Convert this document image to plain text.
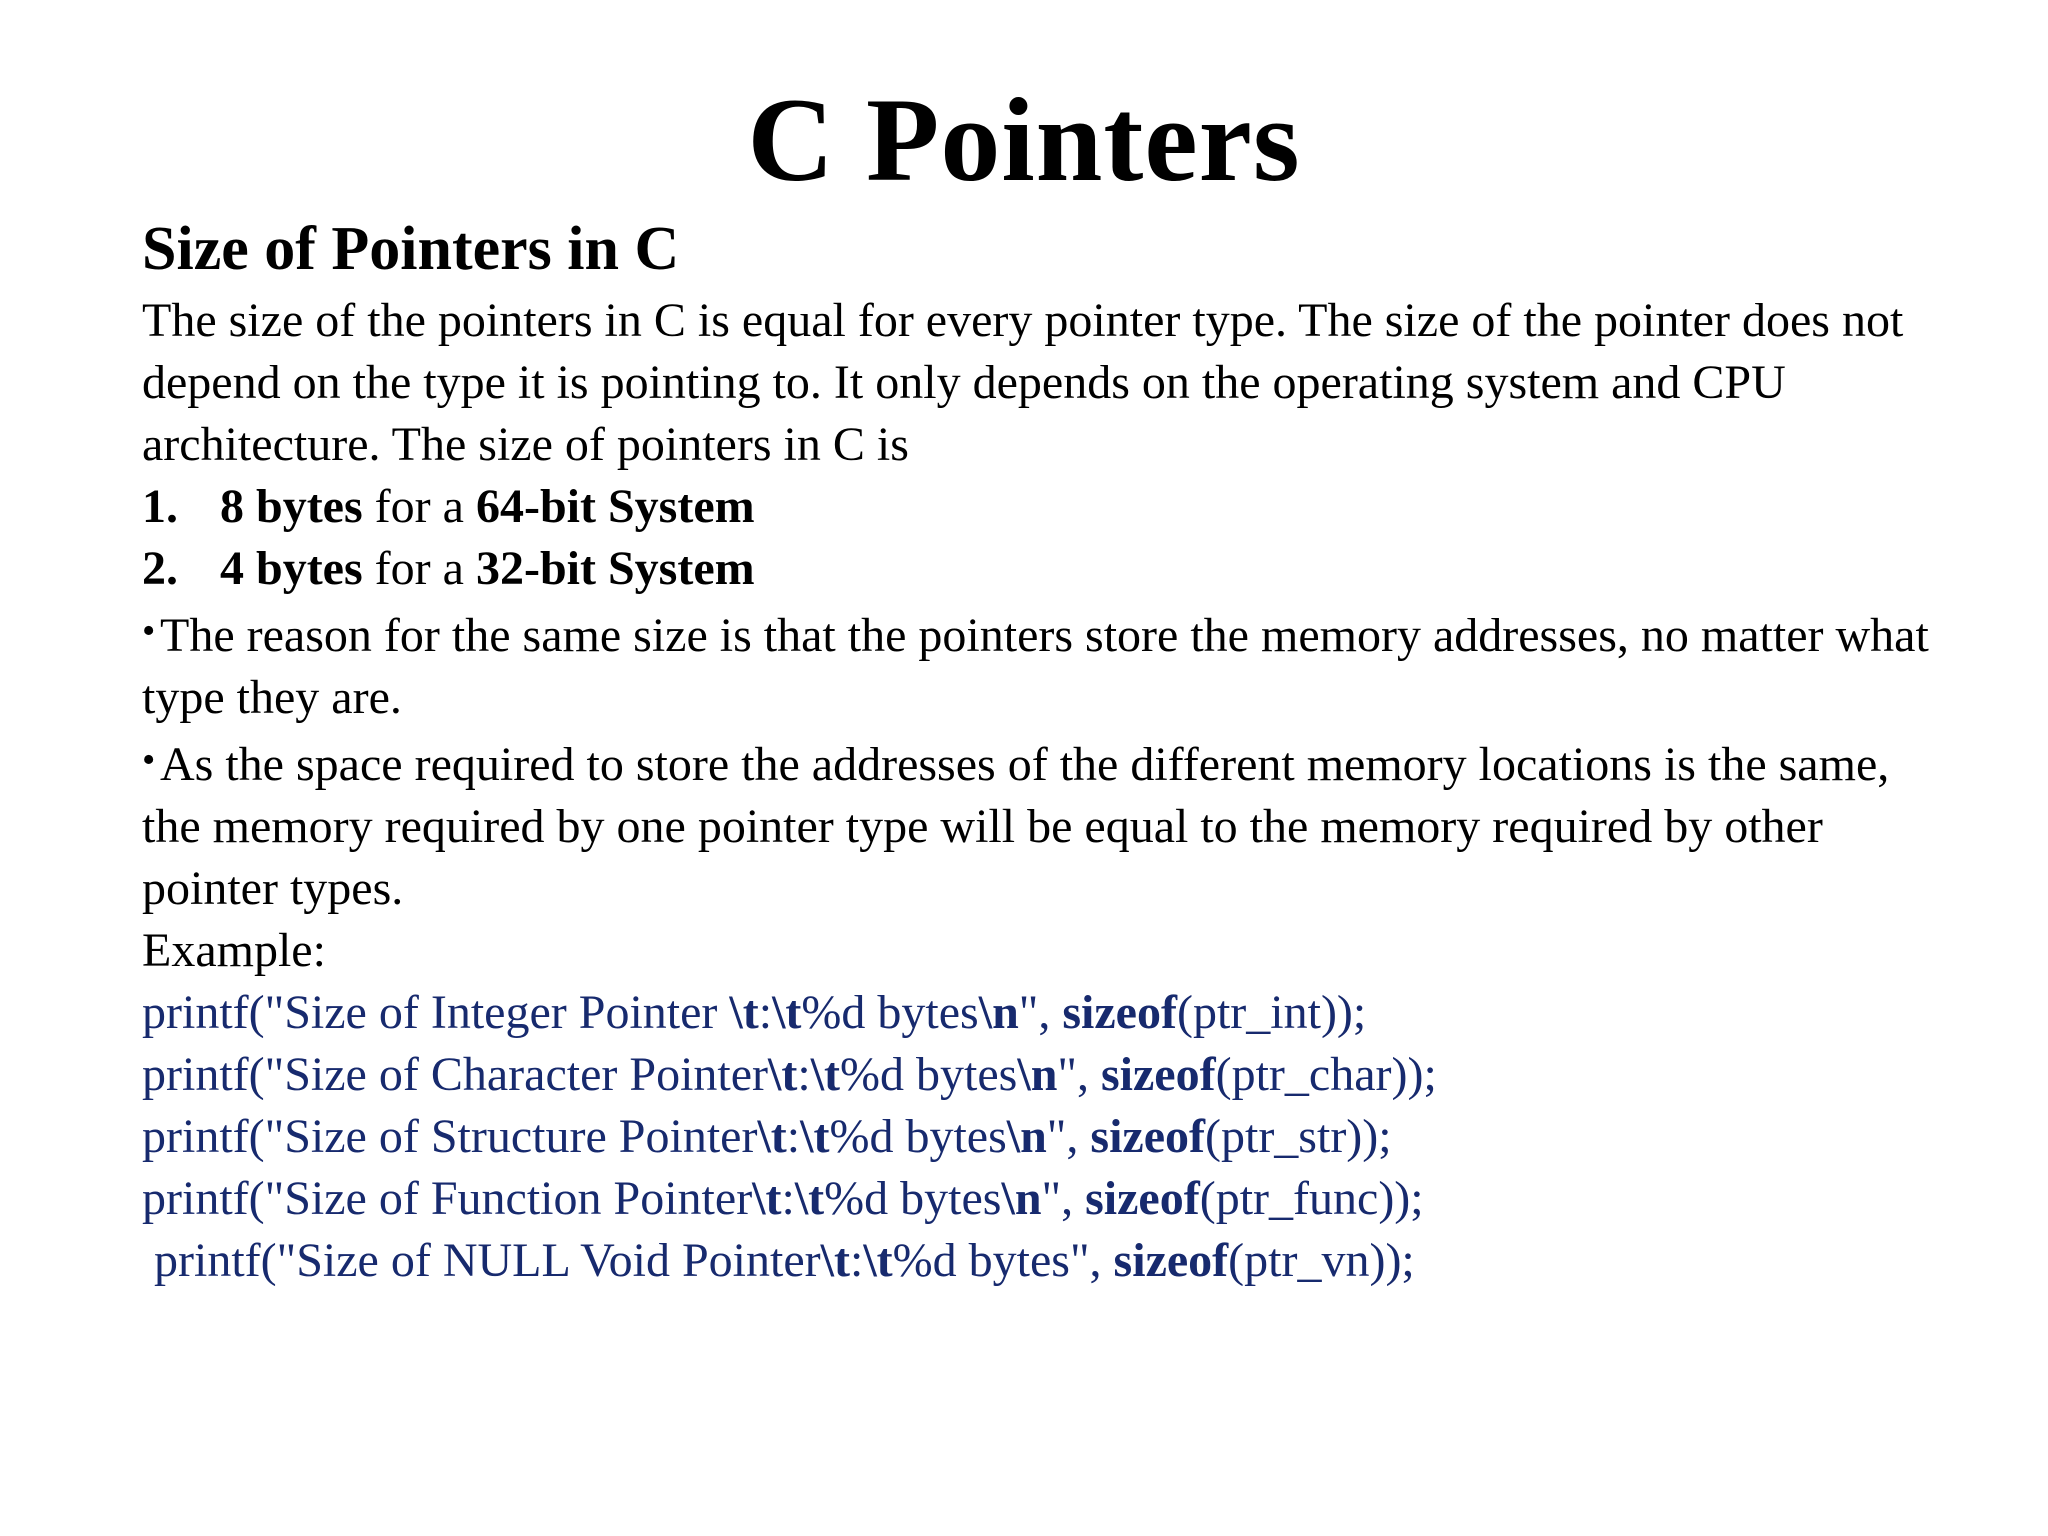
C Pointers
Size of Pointers in C

The size of the pointers in C is equal for every pointer type. The size of the pointer does not depend on the type it is pointing to. It only depends on the operating system and CPU architecture. The size of pointers in C is

1. 8 bytes for a 64-bit System
2. 4 bytes for a 32-bit System

•The reason for the same size is that the pointers store the memory addresses, no matter what type they are.

•As the space required to store the addresses of the different memory locations is the same, the memory required by one pointer type will be equal to the memory required by other pointer types.

Example:

printf("Size of Integer Pointer \t:\t%d bytes\n", sizeof(ptr_int));
printf("Size of Character Pointer\t:\t%d bytes\n", sizeof(ptr_char));
printf("Size of Structure Pointer\t:\t%d bytes\n", sizeof(ptr_str));
printf("Size of Function Pointer\t:\t%d bytes\n", sizeof(ptr_func));
printf("Size of NULL Void Pointer\t:\t%d bytes", sizeof(ptr_vn));
